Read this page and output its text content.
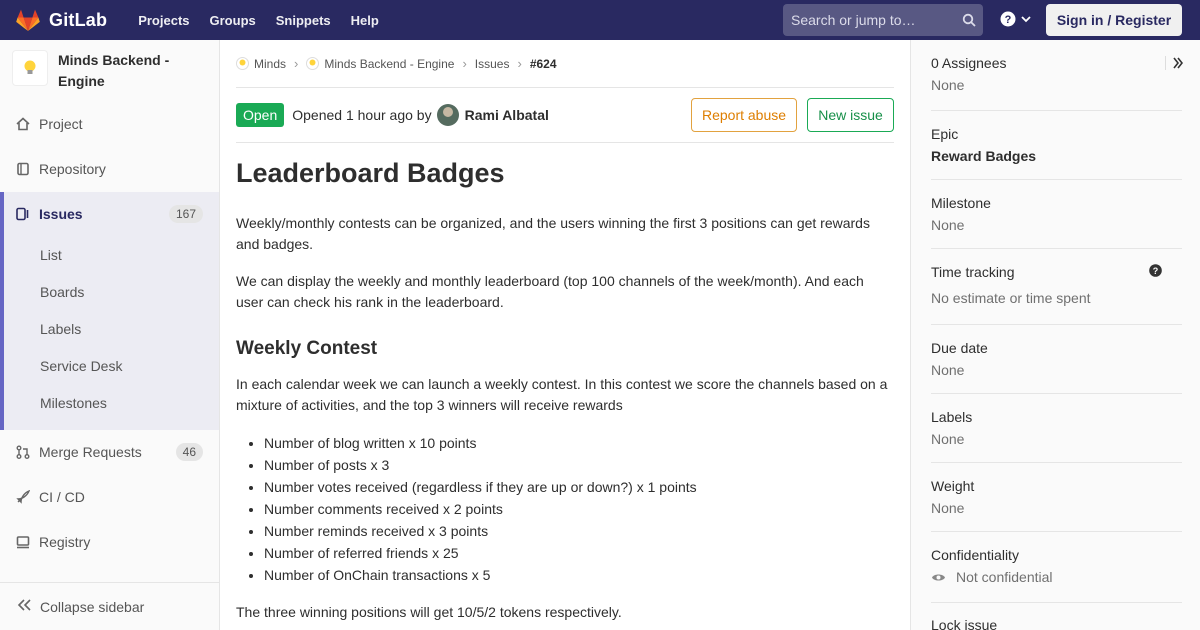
GitLab Projects Groups Snippets Help	Search or jump to…	?	Sign in / Register
Minds Backend - Engine
Project
Repository
Issues	167
List
Boards
Labels
Service Desk
Milestones
Merge Requests	46
CI / CD
Registry
Collapse sidebar
Minds › Minds Backend - Engine › Issues › #624
Open	Opened 1 hour ago by Rami Albatal	Report abuse	New issue
Leaderboard Badges
Weekly/monthly contests can be organized, and the users winning the first 3 positions can get rewards and badges.
We can display the weekly and monthly leaderboard (top 100 channels of the week/month). And each user can check his rank in the leaderboard.
Weekly Contest
In each calendar week we can launch a weekly contest. In this contest we score the channels based on a mixture of activities, and the top 3 winners will receive rewards
• Number of blog written x 10 points
• Number of posts x 3
• Number votes received (regardless if they are up or down?) x 1 points
• Number comments received x 2 points
• Number reminds received x 3 points
• Number of referred friends x 25
• Number of OnChain transactions x 5
The three winning positions will get 10/5/2 tokens respectively.
0 Assignees
None
Epic
Reward Badges
Milestone
None
Time tracking
No estimate or time spent
?
Due date
None
Labels
None
Weight
None
Confidentiality
Not confidential
Lock issue
